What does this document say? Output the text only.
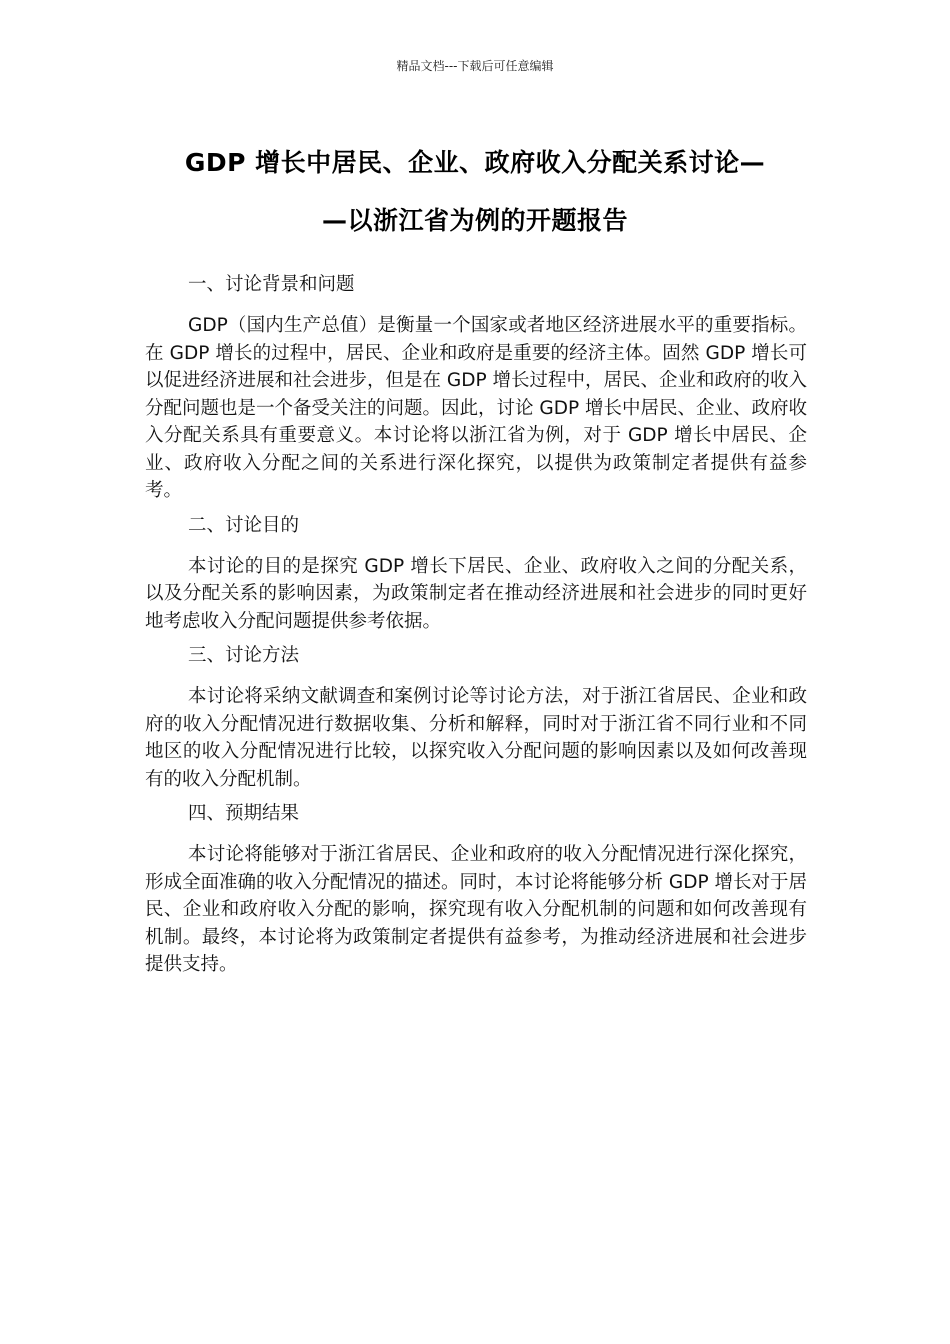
精品文档---下载后可任意编辑
GDP 增长中居民、企业、政府收入分配关系讨论—
—以浙江省为例的开题报告
一、讨论背景和问题

GDP（国内生产总值）是衡量一个国家或者地区经济进展水平的重要指标。在 GDP 增长的过程中，居民、企业和政府是重要的经济主体。固然 GDP 增长可以促进经济进展和社会进步，但是在 GDP 增长过程中，居民、企业和政府的收入分配问题也是一个备受关注的问题。因此，讨论 GDP 增长中居民、企业、政府收入分配关系具有重要意义。本讨论将以浙江省为例，对于 GDP 增长中居民、企业、政府收入分配之间的关系进行深化探究，以提供为政策制定者提供有益参考。

二、讨论目的

本讨论的目的是探究 GDP 增长下居民、企业、政府收入之间的分配关系，以及分配关系的影响因素，为政策制定者在推动经济进展和社会进步的同时更好地考虑收入分配问题提供参考依据。

三、讨论方法

本讨论将采纳文献调查和案例讨论等讨论方法，对于浙江省居民、企业和政府的收入分配情况进行数据收集、分析和解释，同时对于浙江省不同行业和不同地区的收入分配情况进行比较，以探究收入分配问题的影响因素以及如何改善现有的收入分配机制。

四、预期结果

本讨论将能够对于浙江省居民、企业和政府的收入分配情况进行深化探究，形成全面准确的收入分配情况的描述。同时，本讨论将能够分析 GDP 增长对于居民、企业和政府收入分配的影响，探究现有收入分配机制的问题和如何改善现有机制。最终，本讨论将为政策制定者提供有益参考，为推动经济进展和社会进步提供支持。
